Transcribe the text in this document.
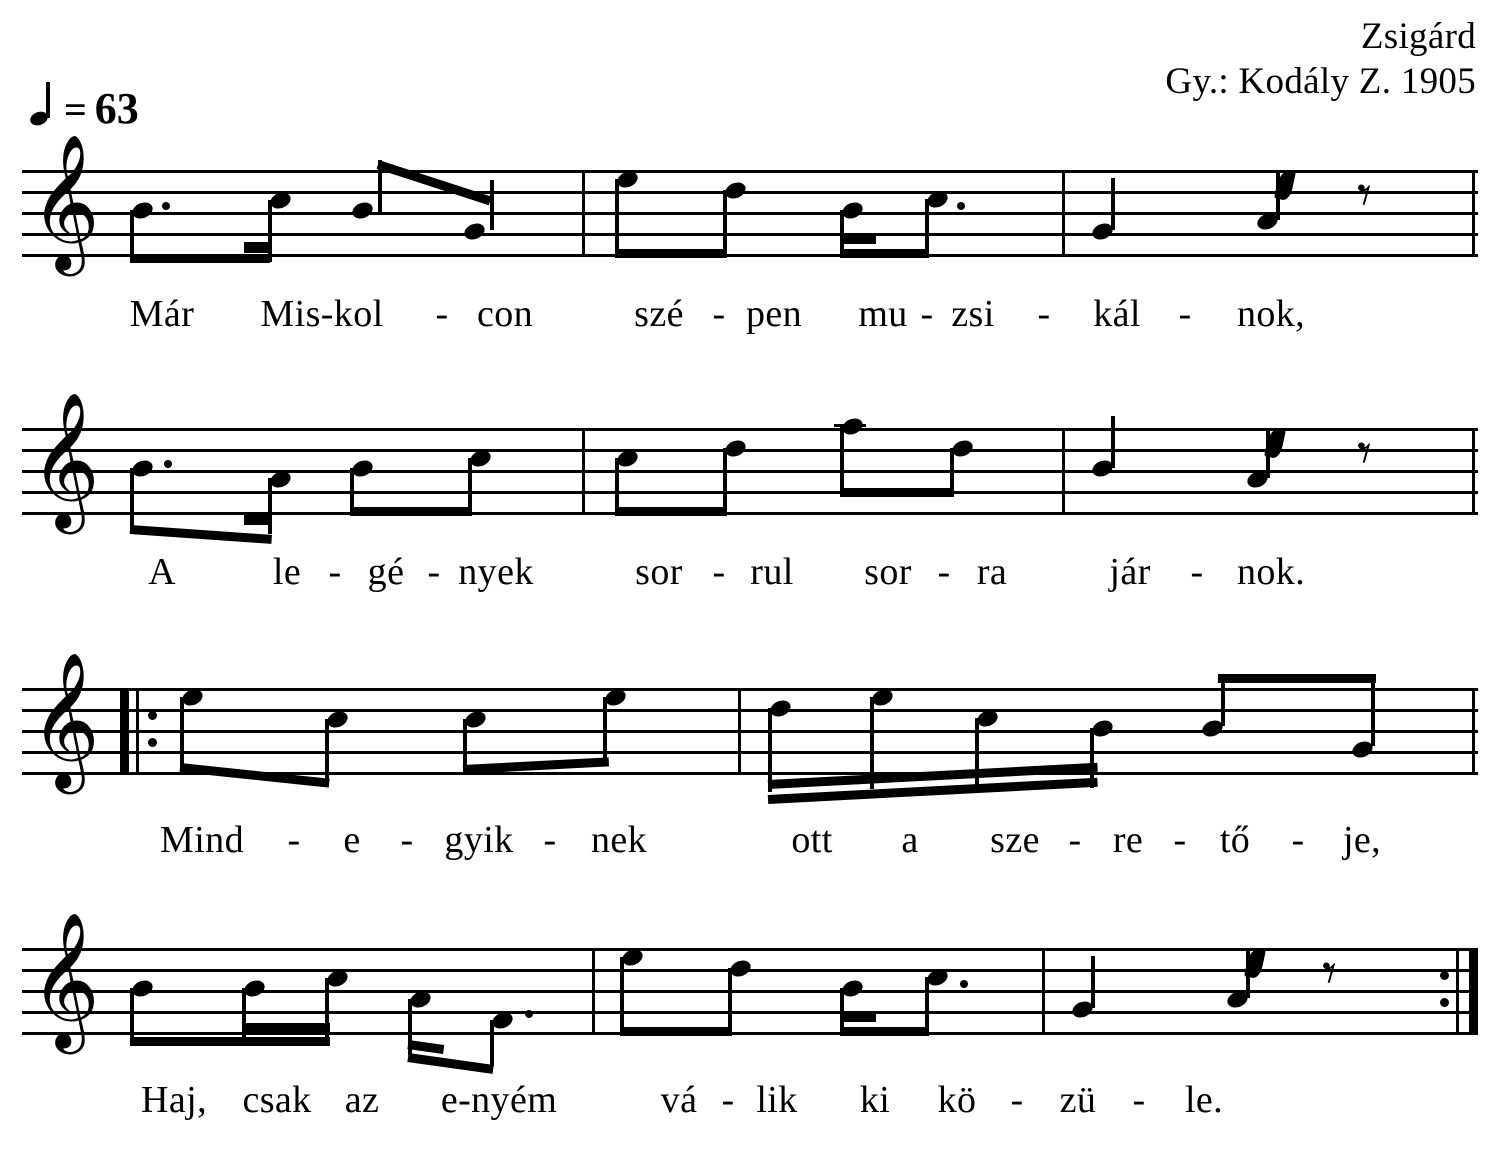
Zsigárd
Gy.: Kodály Z. 1905
= 63
𝄞	𝄾
Már Mis-kol - con	szé - pen mu - zsi - kál - nok,
𝄞	𝄾
A	le - gé - nyek	sor - rul sor - ra	jár - nok.
𝄞
Mind - e - gyik - nek	ott a sze - re - tő - je,
𝄞	𝄾
Haj, csak az e-nyém	vá - lik ki kö - zü - le.
